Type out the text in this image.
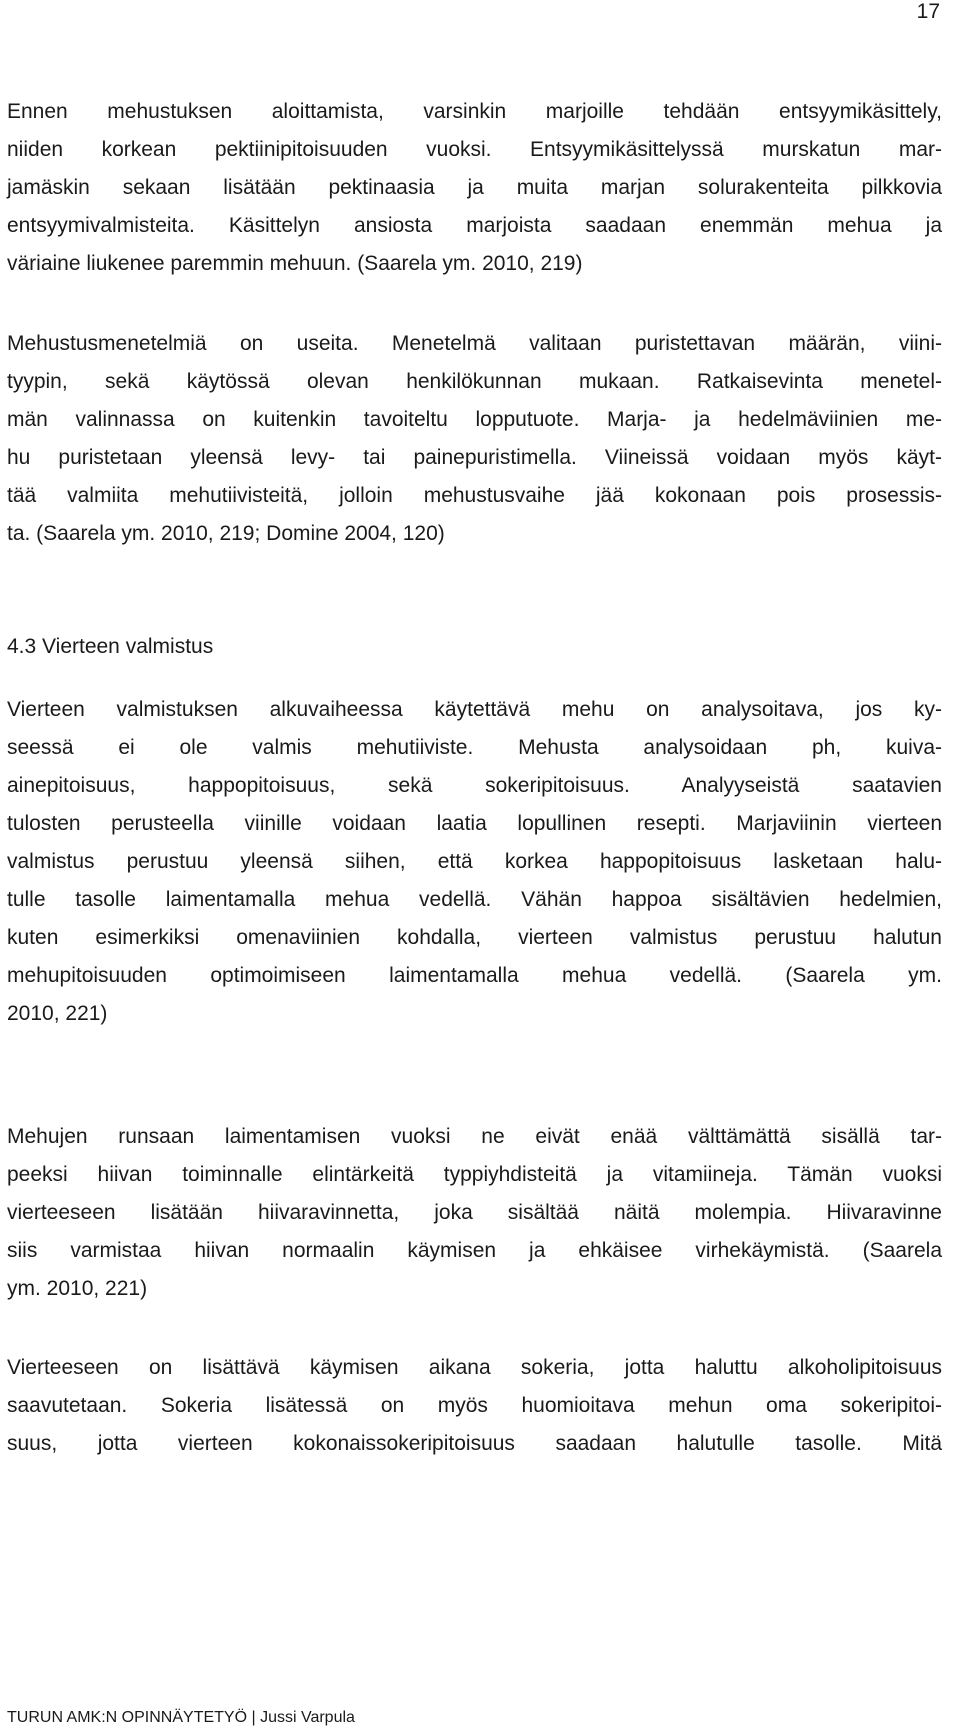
17
Ennen mehustuksen aloittamista, varsinkin marjoille tehdään entsyymikäsittely,
niiden korkean pektiinipitoisuuden vuoksi. Entsyymikäsittelyssä murskatun mar-
jamäskin sekaan lisätään pektinaasia ja muita marjan solurakenteita pilkkovia
entsyymivalmisteita. Käsittelyn ansiosta marjoista saadaan enemmän mehua ja
väriaine liukenee paremmin mehuun. (Saarela ym. 2010, 219)
Mehustusmenetelmiä on useita. Menetelmä valitaan puristettavan määrän, viini-
tyypin, sekä käytössä olevan henkilökunnan mukaan. Ratkaisevinta menetel-
män valinnassa on kuitenkin tavoiteltu lopputuote. Marja- ja hedelmäviinien me-
hu puristetaan yleensä levy- tai painepuristimella. Viineissä voidaan myös käyt-
tää valmiita mehutiivisteitä, jolloin mehustusvaihe jää kokonaan pois prosessis-
ta. (Saarela ym. 2010, 219; Domine 2004, 120)
4.3 Vierteen valmistus
Vierteen valmistuksen alkuvaiheessa käytettävä mehu on analysoitava, jos ky-
seessä ei ole valmis mehutiiviste. Mehusta analysoidaan ph, kuiva-
ainepitoisuus, happopitoisuus, sekä sokeripitoisuus. Analyyseistä saatavien
tulosten perusteella viinille voidaan laatia lopullinen resepti. Marjaviinin vierteen
valmistus perustuu yleensä siihen, että korkea happopitoisuus lasketaan halu-
tulle tasolle laimentamalla mehua vedellä. Vähän happoa sisältävien hedelmien,
kuten esimerkiksi omenaviinien kohdalla, vierteen valmistus perustuu halutun
mehupitoisuuden optimoimiseen laimentamalla mehua vedellä. (Saarela ym.
2010, 221)
Mehujen runsaan laimentamisen vuoksi ne eivät enää välttämättä sisällä tar-
peeksi hiivan toiminnalle elintärkeitä typpiyhdisteitä ja vitamiineja. Tämän vuoksi
vierteeseen lisätään hiivaravinnetta, joka sisältää näitä molempia. Hiivaravinne
siis varmistaa hiivan normaalin käymisen ja ehkäisee virhekäymistä. (Saarela
ym. 2010, 221)
Vierteeseen on lisättävä käymisen aikana sokeria, jotta haluttu alkoholipitoisuus
saavutetaan. Sokeria lisätessä on myös huomioitava mehun oma sokeripitoi-
suus, jotta vierteen kokonaissokeripitoisuus saadaan halutulle tasolle. Mitä
TURUN AMK:N OPINNÄYTETYÖ | Jussi Varpula
